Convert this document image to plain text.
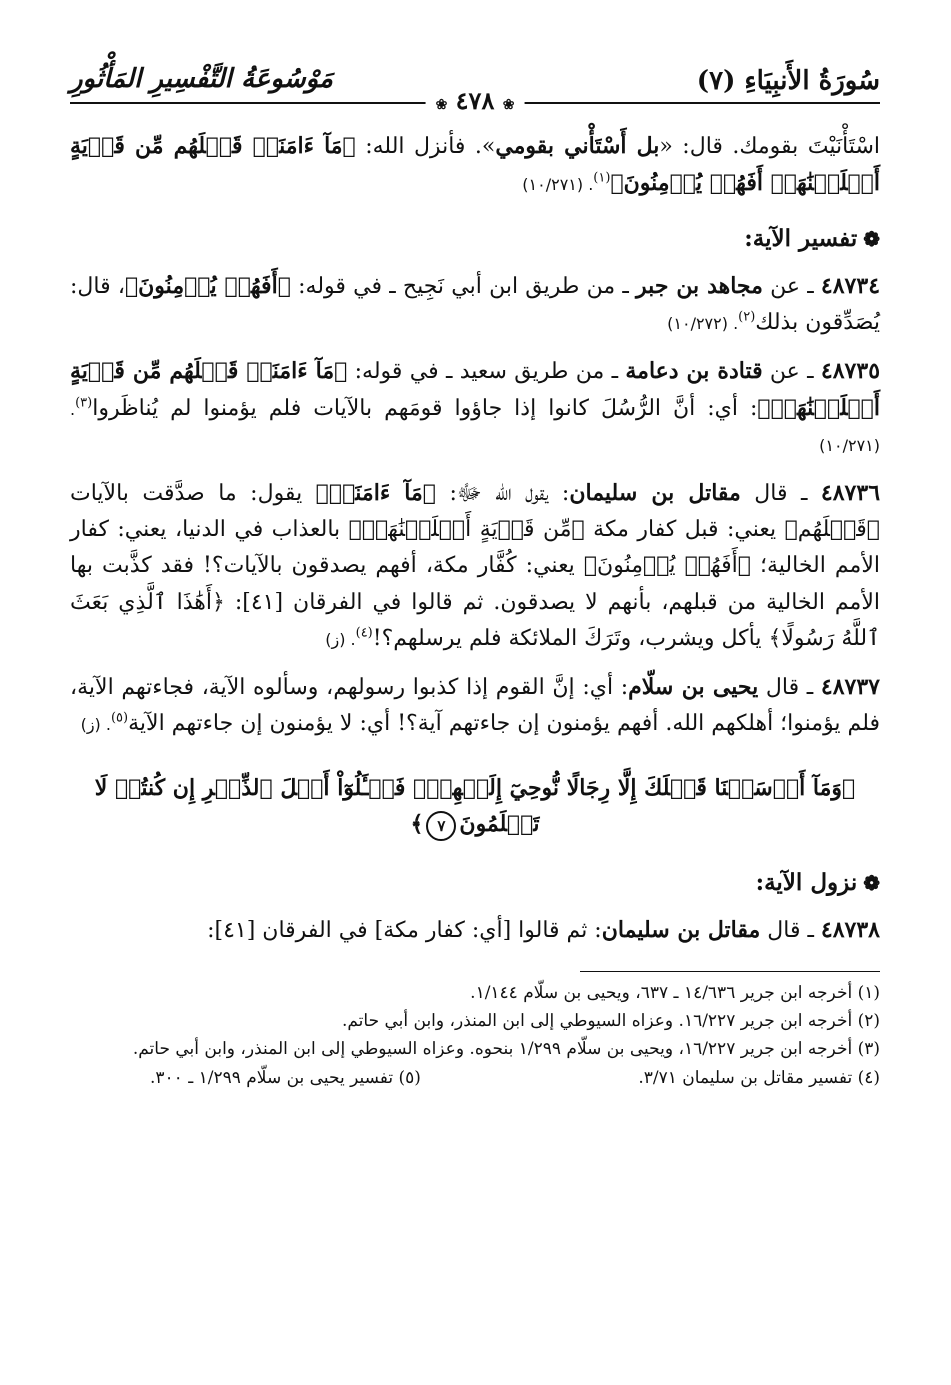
سُورَةُ الأَنبِيَاءِ (٧)
مَوْسُوعَةُ التَّفْسِيرِ المَأْثُورِ
❀ ٤٧٨ ❀

اسْتَأْنَيْتَ بقومك. قال: «بل أَسْتَأْني بقومي». فأنزل الله: ﴿مَآ ءَامَنَتۡ قَبۡلَهُم مِّن قَرۡيَةٍ أَهۡلَكۡنَٰهَآۖ أَفَهُمۡ يُؤۡمِنُونَ﴾$^{(١)}$. (١٠/٢٧١)

❁تفسير الآية:

٤٨٧٣٤ ـ عن مجاهد بن جبر ـ من طريق ابن أبي نَجِيح ـ في قوله: ﴿أَفَهُمۡ يُؤۡمِنُونَ﴾، قال: يُصَدِّقون بذلك$^{(٢)}$. (١٠/٢٧٢)

٤٨٧٣٥ ـ عن قتادة بن دعامة ـ من طريق سعيد ـ في قوله: ﴿مَآ ءَامَنَتۡ قَبۡلَهُم مِّن قَرۡيَةٍ أَهۡلَكۡنَٰهَآۖ﴾: أي: أنَّ الرُّسُلَ كانوا إذا جاؤوا قومَهم بالآيات فلم يؤمنوا لم يُناظَروا$^{(٣)}$. (١٠/٢٧١)

٤٨٧٣٦ ـ قال مقاتل بن سليمان: يقول الله ﷻ: ﴿مَآ ءَامَنَتۡ﴾ يقول: ما صدَّقت بالآيات ﴿قَبۡلَهُم﴾ يعني: قبل كفار مكة ﴿مِّن قَرۡيَةٍ أَهۡلَكۡنَٰهَآۖ﴾ بالعذاب في الدنيا، يعني: كفار الأمم الخالية؛ ﴿أَفَهُمۡ يُؤۡمِنُونَ﴾ يعني: كُفَّار مكة، أفهم يصدقون بالآيات؟! فقد كذَّبت بها الأمم الخالية من قبلهم، بأنهم لا يصدقون. ثم قالوا في الفرقان [٤١]: ﴿أَهَٰذَا ٱلَّذِي بَعَثَ ٱللَّهُ رَسُولًا﴾ يأكل ويشرب، وتَرَكَ الملائكة فلم يرسلهم؟!$^{(٤)}$. (ز)

٤٨٧٣٧ ـ قال يحيى بن سلّام: أي: إنَّ القوم إذا كذبوا رسولهم، وسألوه الآية، فجاءتهم الآية، فلم يؤمنوا؛ أهلكهم الله. أفهم يؤمنون إن جاءتهم آية؟! أي: لا يؤمنون إن جاءتهم الآية$^{(٥)}$. (ز)

﴿وَمَآ أَرۡسَلۡنَا قَبۡلَكَ إِلَّا رِجَالًا نُّوحِيٓ إِلَيۡهِمۡۖ فَسۡـَٔلُوٓاْ أَهۡلَ ٱلذِّكۡرِ إِن كُنتُمۡ لَا تَعۡلَمُونَ٧﴾
❁نزول الآية:

٤٨٧٣٨ ـ قال مقاتل بن سليمان: ثم قالوا [أي: كفار مكة] في الفرقان [٤١]:

(١) أخرجه ابن جرير ١٤/٦٣٦ ـ ٦٣٧، ويحيى بن سلّام ١/١٤٤.
(٢) أخرجه ابن جرير ١٦/٢٢٧. وعزاه السيوطي إلى ابن المنذر، وابن أبي حاتم.
(٣) أخرجه ابن جرير ١٦/٢٢٧، ويحيى بن سلّام ١/٢٩٩ بنحوه. وعزاه السيوطي إلى ابن المنذر، وابن أبي حاتم.
(٤) تفسير مقاتل بن سليمان ٣/٧١.
(٥) تفسير يحيى بن سلّام ١/٢٩٩ ـ ٣٠٠.
